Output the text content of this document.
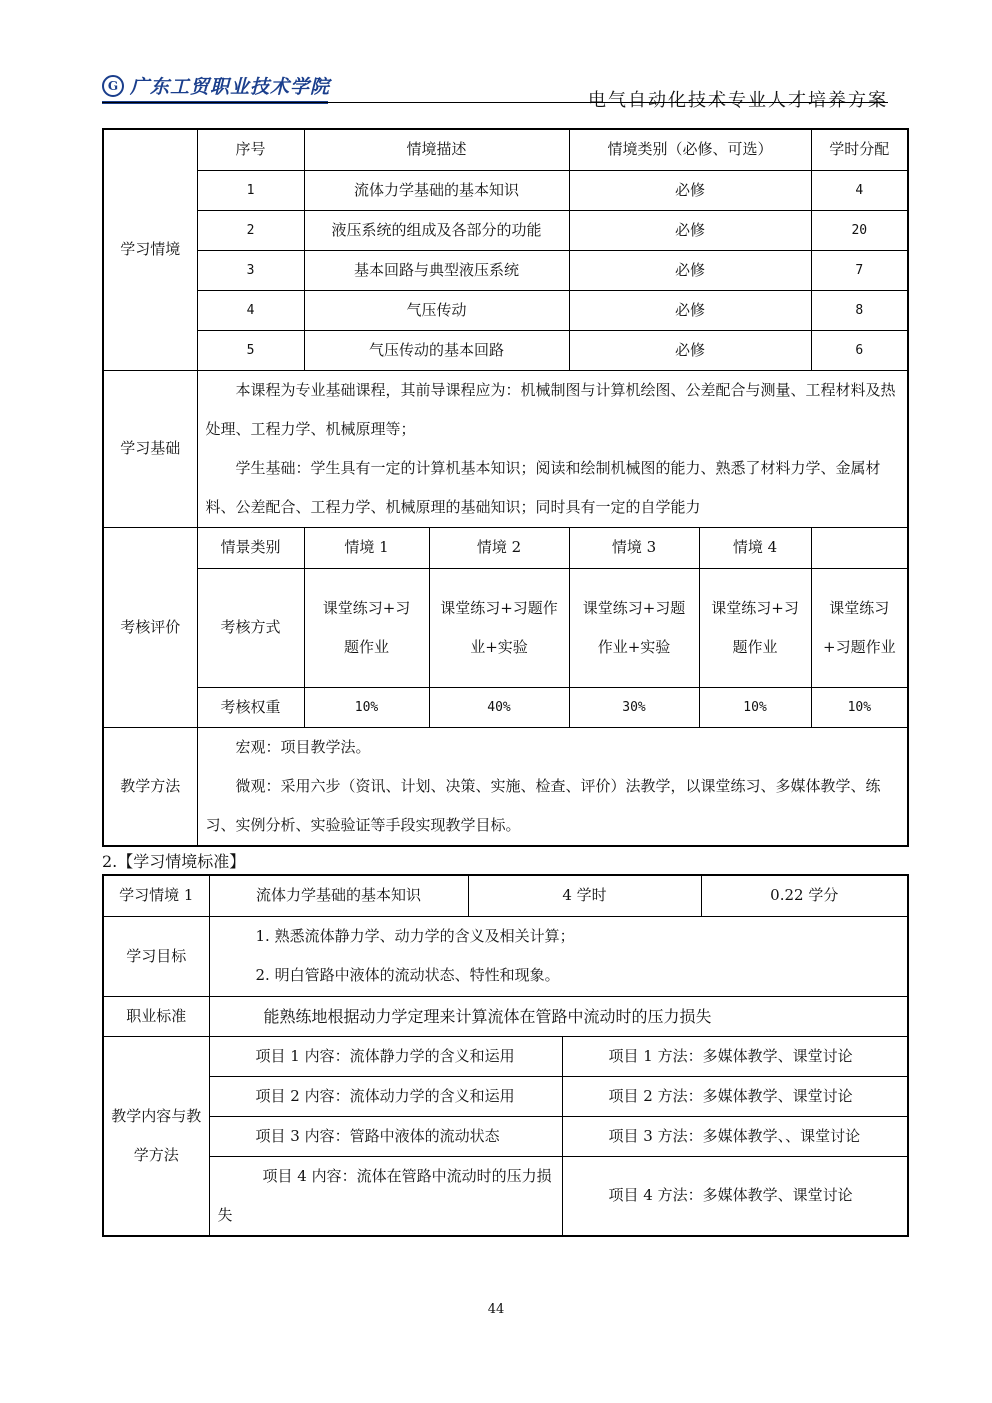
G 广东工贸职业技术学院
电气自动化技术专业人才培养方案
学习情境	序号	情境描述		情境类别（必修、可选）		学时分配
	1	流体力学基础的基本知识		必修		4
	2	液压系统的组成及各部分的功能		必修		20
	3	基本回路与典型液压系统		必修		7
	4	气压传动		必修		8
	5	气压传动的基本回路		必修		6
学习基础	本课程为专业基础课程，其前导课程应为：机械制图与计算机绘图、公差配合与测量、工程材料及热处理、工程力学、机械原理等；
学生基础：学生具有一定的计算机基本知识；阅读和绘制机械图的能力、熟悉了材料力学、金属材料、公差配合、工程力学、机械原理的基础知识；同时具有一定的自学能力					

考核评价	情景类别	情境 1	情境 2	情境 3	情境 4
	考核方式	课堂练习+习题作业	课堂练习+习题作业+实验	课堂练习+习题作业+实验	课堂练习+习题作业	课堂练习+习题作业
	考核权重	10%	40%	30%	10%	10%
教学方法	宏观：项目教学法。
微观：采用六步（资讯、计划、决策、实施、检查、评价）法教学，以课堂练习、多媒体教学、练习、实例分析、实验验证等手段实现教学目标。					
2.【学习情境标准】
学习情境 1	流体力学基础的基本知识	4 学时		0.22 学分
学习目标	1. 熟悉流体静力学、动力学的含义及相关计算；
2. 明白管路中液体的流动状态、特性和现象。			

职业标准	能熟练地根据动力学定理来计算流体在管路中流动时的压力损失			
教学内容与教学方法	项目 1 内容：流体静力学的含义和运用		项目 1 方法：多媒体教学、课堂讨论	
	项目 2 内容：流体动力学的含义和运用		项目 2 方法：多媒体教学、课堂讨论	
	项目 3 内容：管路中液体的流动状态		项目 3 方法：多媒体教学、、课堂讨论	
	项目 4 内容：流体在管路中流动时的压力损失		项目 4 方法：多媒体教学、课堂讨论	
44
